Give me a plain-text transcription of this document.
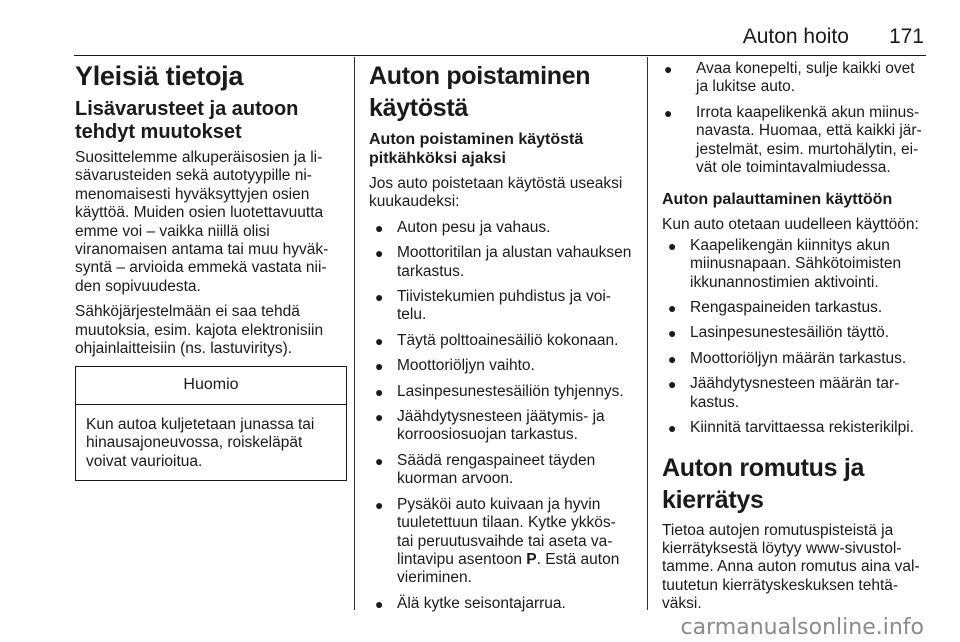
Auton hoito 171
Yleisiä tietoja
Lisävarusteet ja autoon tehdyt muutokset

Suosittelemme alkuperäisosien ja lisävarusteiden sekä autotyypille nimenomaisesti hyväksyttyjen osien käyttöä. Muiden osien luotettavuutta emme voi – vaikka niillä olisi viranomaisen antama tai muu hyväksyntä – arvioida emmekä vastata niiden sopivuudesta.

Sähköjärjestelmään ei saa tehdä muutoksia, esim. kajota elektronisiin ohjainlaitteisiin (ns. lastuviritys).

Huomio
Kun autoa kuljetetaan junassa tai hinausajoneuvossa, roiskeläpät voivat vaurioitua.
Auton poistaminen käytöstä
Auton poistaminen käytöstä pitkähköksi ajaksi

Jos auto poistetaan käytöstä useaksi kuukaudeksi:

● Auton pesu ja vahaus.
● Moottoritilan ja alustan vahauksen tarkastus.
● Tiivistekumien puhdistus ja voitelu.
● Täytä polttoainesäiliö kokonaan.
● Moottoriöljyn vaihto.
● Lasinpesunestesäiliön tyhjennys.
● Jäähdytysnesteen jäätymis- ja korroosiosuojan tarkastus.
● Säädä rengaspaineet täyden kuorman arvoon.
● Pysäköi auto kuivaan ja hyvin tuuletettuun tilaan. Kytke ykkös- tai peruutusvaihde tai aseta valintavipu asentoon P. Estä auton vieriminen.
● Älä kytke seisontajarrua.
● Avaa konepelti, sulje kaikki ovet ja lukitse auto.
● Irrota kaapelikenkä akun miinusnavasta. Huomaa, että kaikki järjestelmät, esim. murtohälytin, eivät ole toimintavalmiudessa.
Auton palauttaminen käyttöön

Kun auto otetaan uudelleen käyttöön:

● Kaapelikengän kiinnitys akun miinusnapaan. Sähkötoimisten ikkunannostimien aktivointi.
● Rengaspaineiden tarkastus.
● Lasinpesunestesäiliön täyttö.
● Moottoriöljyn määrän tarkastus.
● Jäähdytysnesteen määrän tarkastus.
● Kiinnitä tarvittaessa rekisterikilpi.
Auton romutus ja kierrätys

Tietoa autojen romutuspisteistä ja kierrätyksestä löytyy www-sivustoltamme. Anna auton romutus aina valtuutetun kierrätyskeskuksen tehtäväksi.

carmanualsonline.info
